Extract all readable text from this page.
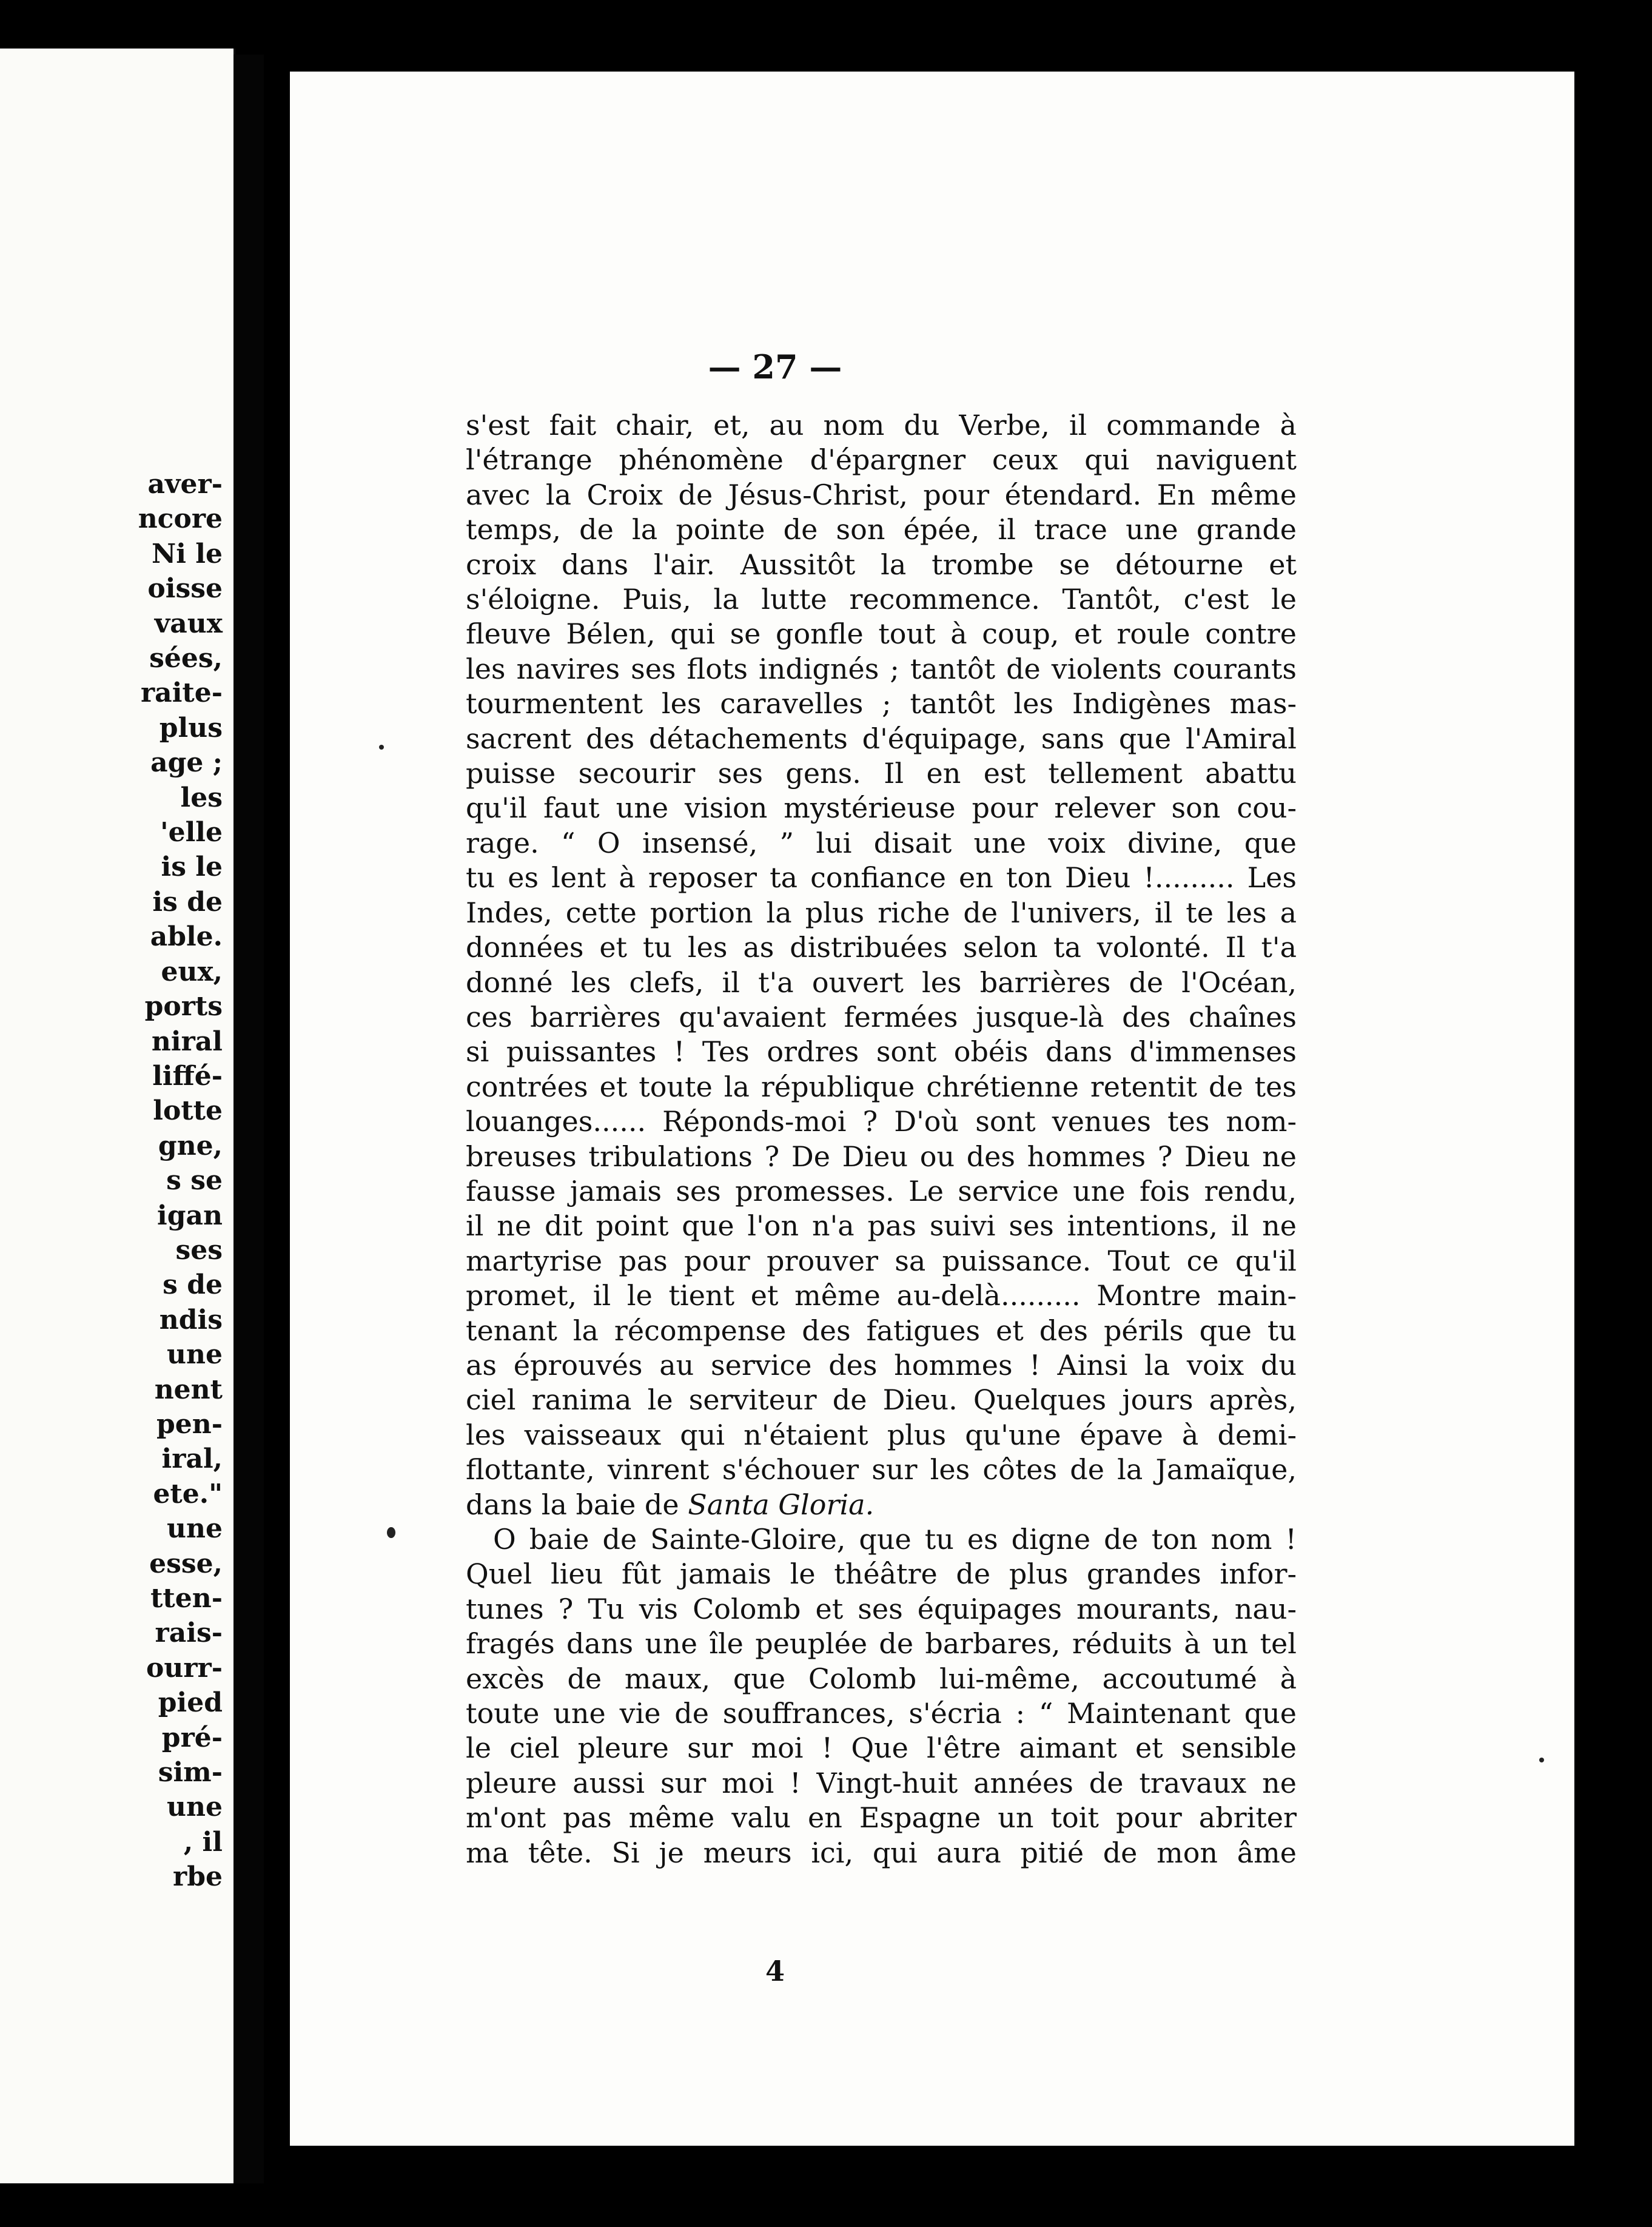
aver-
ncore
Ni le
oisse
vaux
sées,
raite-
plus
age ;
les
'elle
is le
is de
able.
eux,
ports
niral
liffé-
lotte
gne,
s se
igan
ses
s de
ndis
une
nent
pen-
iral,
ete."
une
esse,
tten-
rais-
ourr-
pied
pré-
sim-
une
, il
rbe
— 27 —
s'est fait chair, et, au nom du Verbe, il commande à
l'étrange phénomène d'épargner ceux qui naviguent
avec la Croix de Jésus-Christ, pour étendard. En même
temps, de la pointe de son épée, il trace une grande
croix dans l'air. Aussitôt la trombe se détourne et
s'éloigne. Puis, la lutte recommence. Tantôt, c'est le
fleuve Bélen, qui se gonfle tout à coup, et roule contre
les navires ses flots indignés ; tantôt de violents courants
tourmentent les caravelles ; tantôt les Indigènes mas-
sacrent des détachements d'équipage, sans que l'Amiral
puisse secourir ses gens. Il en est tellement abattu
qu'il faut une vision mystérieuse pour relever son cou-
rage. “ O insensé, ” lui disait une voix divine, que
tu es lent à reposer ta confiance en ton Dieu !......... Les
Indes, cette portion la plus riche de l'univers, il te les a
données et tu les as distribuées selon ta volonté. Il t'a
donné les clefs, il t'a ouvert les barrières de l'Océan,
ces barrières qu'avaient fermées jusque-là des chaînes
si puissantes ! Tes ordres sont obéis dans d'immenses
contrées et toute la république chrétienne retentit de tes
louanges...... Réponds-moi ? D'où sont venues tes nom-
breuses tribulations ? De Dieu ou des hommes ? Dieu ne
fausse jamais ses promesses. Le service une fois rendu,
il ne dit point que l'on n'a pas suivi ses intentions, il ne
martyrise pas pour prouver sa puissance. Tout ce qu'il
promet, il le tient et même au-delà......... Montre main-
tenant la récompense des fatigues et des périls que tu
as éprouvés au service des hommes ! Ainsi la voix du
ciel ranima le serviteur de Dieu. Quelques jours après,
les vaisseaux qui n'étaient plus qu'une épave à demi-
flottante, vinrent s'échouer sur les côtes de la Jamaïque,
dans la baie de Santa Gloria.
O baie de Sainte-Gloire, que tu es digne de ton nom !
Quel lieu fût jamais le théâtre de plus grandes infor-
tunes ? Tu vis Colomb et ses équipages mourants, nau-
fragés dans une île peuplée de barbares, réduits à un tel
excès de maux, que Colomb lui-même, accoutumé à
toute une vie de souffrances, s'écria : “ Maintenant que
le ciel pleure sur moi ! Que l'être aimant et sensible
pleure aussi sur moi ! Vingt-huit années de travaux ne
m'ont pas même valu en Espagne un toit pour abriter
ma tête. Si je meurs ici, qui aura pitié de mon âme
4
